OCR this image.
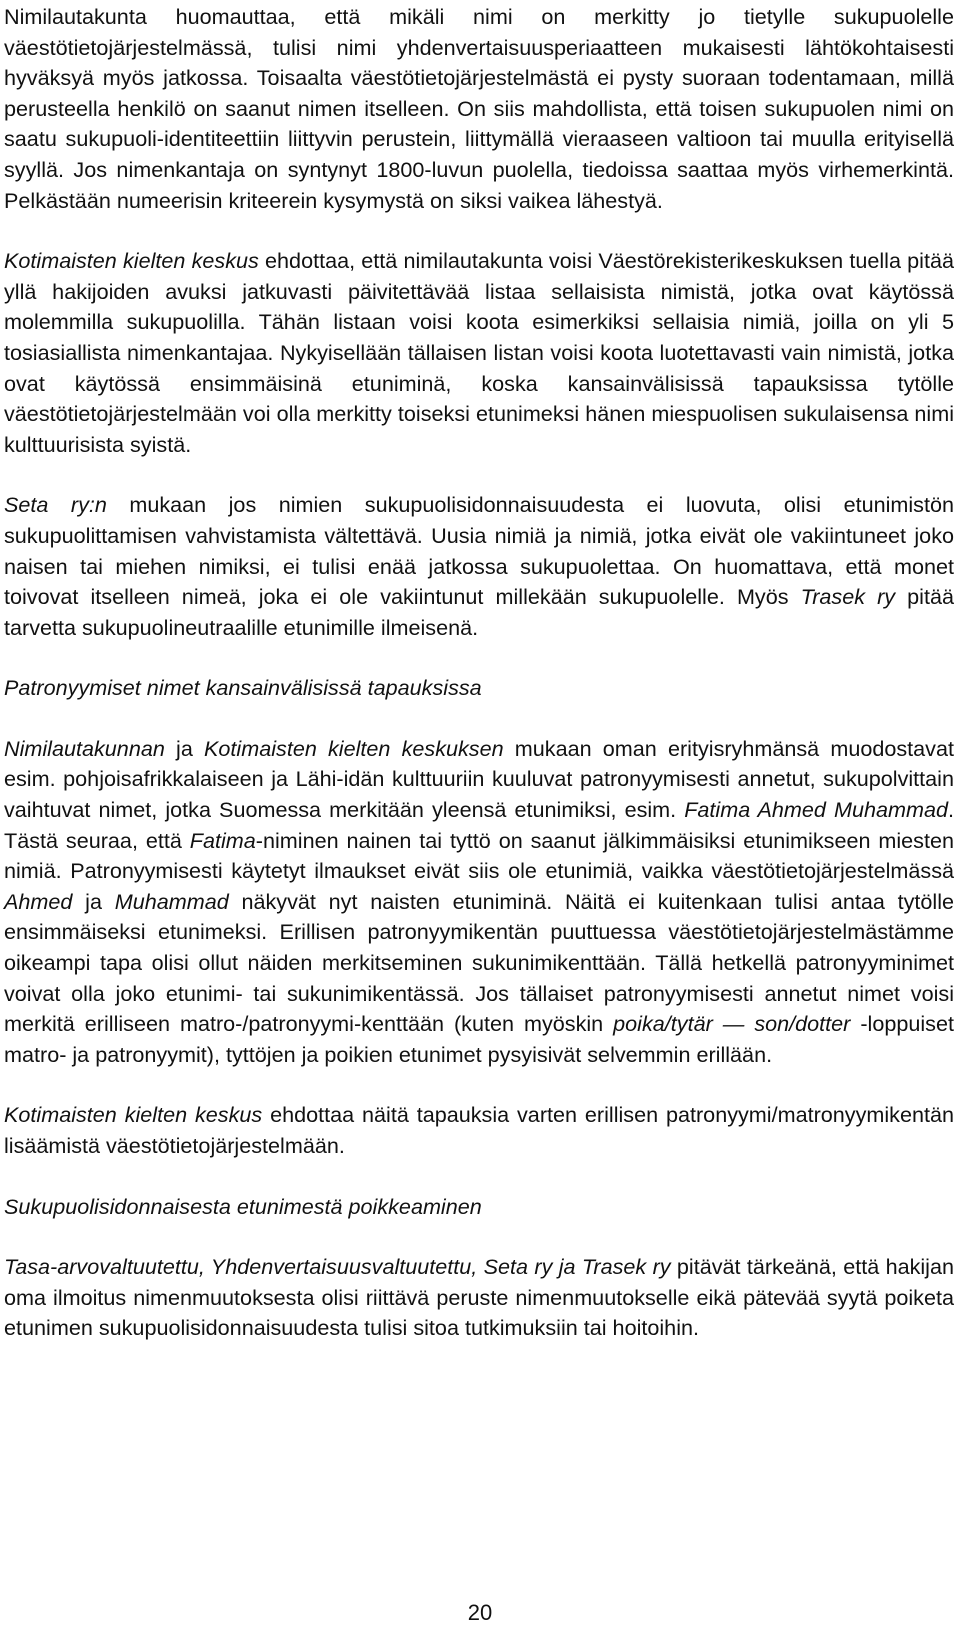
Nimilautakunta huomauttaa, että mikäli nimi on merkitty jo tietylle sukupuolelle väestötietojärjestelmässä, tulisi nimi yhdenvertaisuusperiaatteen mukaisesti lähtökohtaisesti hyväksyä myös jatkossa. Toisaalta väestötietojärjestelmästä ei pysty suoraan todentamaan, millä perusteella henkilö on saanut nimen itselleen. On siis mahdollista, että toisen sukupuolen nimi on saatu sukupuoli-identiteettiin liittyvin perustein, liittymällä vieraaseen valtioon tai muulla erityisellä syyllä. Jos nimenkantaja on syntynyt 1800-luvun puolella, tiedoissa saattaa myös virhemerkintä. Pelkästään numeerisin kriteerein kysymystä on siksi vaikea lähestyä.

Kotimaisten kielten keskus ehdottaa, että nimilautakunta voisi Väestörekisterikeskuksen tuella pitää yllä hakijoiden avuksi jatkuvasti päivitettävää listaa sellaisista nimistä, jotka ovat käytössä molemmilla sukupuolilla. Tähän listaan voisi koota esimerkiksi sellaisia nimiä, joilla on yli 5 tosiasiallista nimenkantajaa. Nykyisellään tällaisen listan voisi koota luotettavasti vain nimistä, jotka ovat käytössä ensimmäisinä etuniminä, koska kansainvälisissä tapauksissa tytölle väestötietojärjestelmään voi olla merkitty toiseksi etunimeksi hänen miespuolisen sukulaisensa nimi kulttuurisista syistä.

Seta ry:n mukaan jos nimien sukupuolisidonnaisuudesta ei luovuta, olisi etunimistön sukupuolittamisen vahvistamista vältettävä. Uusia nimiä ja nimiä, jotka eivät ole vakiintuneet joko naisen tai miehen nimiksi, ei tulisi enää jatkossa sukupuolettaa. On huomattava, että monet toivovat itselleen nimeä, joka ei ole vakiintunut millekään sukupuolelle. Myös Trasek ry pitää tarvetta sukupuolineutraalille etunimille ilmeisenä.

Patronyymiset nimet kansainvälisissä tapauksissa

Nimilautakunnan ja Kotimaisten kielten keskuksen mukaan oman erityisryhmänsä muodostavat esim. pohjoisafrikkalaiseen ja Lähi-idän kulttuuriin kuuluvat patronyymisesti annetut, sukupolvittain vaihtuvat nimet, jotka Suomessa merkitään yleensä etunimiksi, esim. Fatima Ahmed Muhammad. Tästä seuraa, että Fatima-niminen nainen tai tyttö on saanut jälkimmäisiksi etunimikseen miesten nimiä. Patronyymisesti käytetyt ilmaukset eivät siis ole etunimiä, vaikka väestötietojärjestelmässä Ahmed ja Muhammad näkyvät nyt naisten etuniminä. Näitä ei kuitenkaan tulisi antaa tytölle ensimmäiseksi etunimeksi. Erillisen patronyymikentän puuttuessa väestötietojärjestelmästämme oikeampi tapa olisi ollut näiden merkitseminen sukunimikenttään. Tällä hetkellä patronyyminimet voivat olla joko etunimi- tai sukunimikentässä. Jos tällaiset patronyymisesti annetut nimet voisi merkitä erilliseen matro-/patronyymi-kenttään (kuten myöskin poika/tytär — son/dotter -loppuiset matro- ja patronyymit), tyttöjen ja poikien etunimet pysyisivät selvemmin erillään.

Kotimaisten kielten keskus ehdottaa näitä tapauksia varten erillisen patronyymi/matronyymikentän lisäämistä väestötietojärjestelmään.

Sukupuolisidonnaisesta etunimestä poikkeaminen

Tasa-arvovaltuutettu, Yhdenvertaisuusvaltuutettu, Seta ry ja Trasek ry pitävät tärkeänä, että hakijan oma ilmoitus nimenmuutoksesta olisi riittävä peruste nimenmuutokselle eikä pätevää syytä poiketa etunimen sukupuolisidonnaisuudesta tulisi sitoa tutkimuksiin tai hoitoihin.

20
